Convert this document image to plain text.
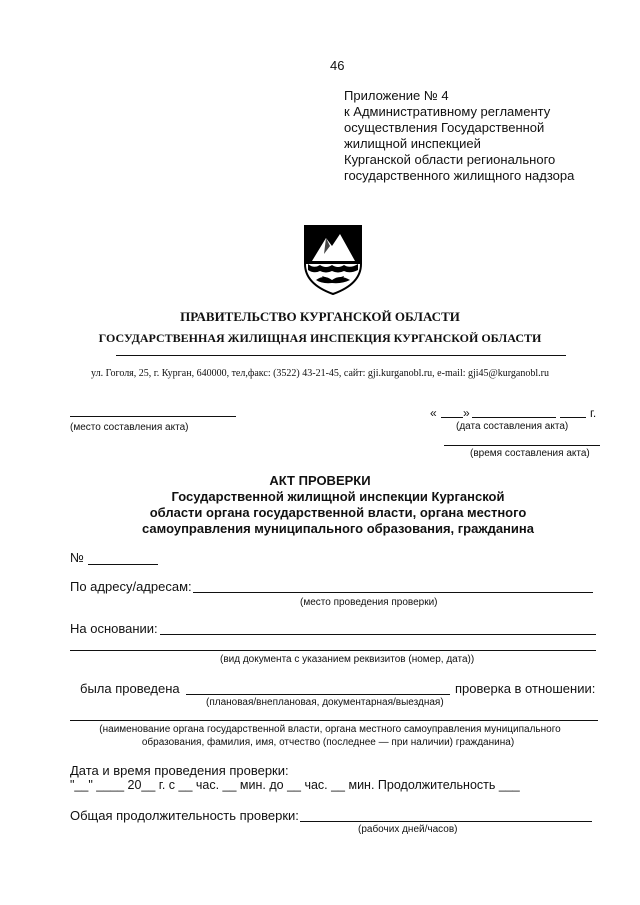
46
Приложение № 4
к Административному регламенту
осуществления Государственной
жилищной инспекцией
Курганской области регионального
государственного жилищного надзора
ПРАВИТЕЛЬСТВО КУРГАНСКОЙ ОБЛАСТИ
ГОСУДАРСТВЕННАЯ ЖИЛИЩНАЯ ИНСПЕКЦИЯ КУРГАНСКОЙ ОБЛАСТИ
ул. Гоголя, 25, г. Курган, 640000, тел,факс: (3522) 43-21-45, сайт: gji.kurganobl.ru, e-mail: gji45@kurganobl.ru
(место составления акта)
« »	г.
(дата составления акта)
(время составления акта)
АКТ ПРОВЕРКИ
Государственной жилищной инспекции Курганской
области органа государственной власти, органа местного
самоуправления муниципального образования, гражданина
№
По адресу/адресам:
(место проведения проверки)
На основании:
(вид документа с указанием реквизитов (номер, дата))
была проведена	проверка в отношении:
(плановая/внеплановая, документарная/выездная)
(наименование органа государственной власти, органа местного самоуправления муниципального
образования, фамилия, имя, отчество (последнее — при наличии) гражданина)
Дата и время проведения проверки:
"__" ____ 20__ г. с __ час. __ мин. до __ час. __ мин. Продолжительность ___
Общая продолжительность проверки:
(рабочих дней/часов)
